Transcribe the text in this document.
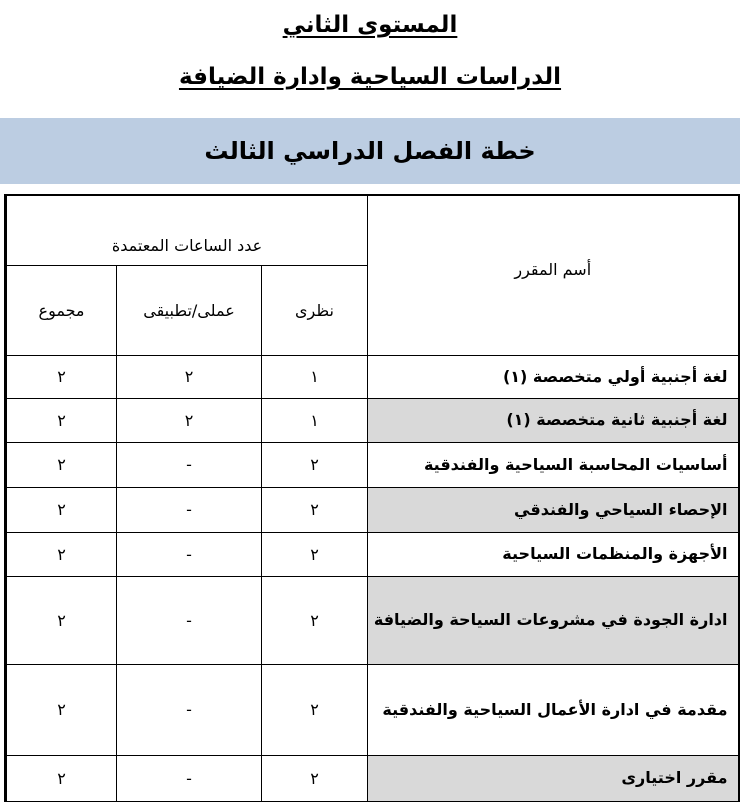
المستوى الثاني
الدراسات السياحية وادارة الضيافة
خطة الفصل الدراسي الثالث
عدد الساعات المعتمدة			أسم المقرر
مجموع	عملى/تطبيقى	نظرى	
٢	٢	١	لغة أجنبية أولي متخصصة (١)
٢	٢	١	لغة أجنبية ثانية متخصصة (١)
٢	-	٢	أساسيات المحاسبة السياحية والفندقية
٢	-	٢	الإحصاء السياحي والفندقي
٢	-	٢	الأجهزة والمنظمات السياحية
٢	-	٢	ادارة الجودة في مشروعات السياحة والضيافة
٢	-	٢	مقدمة في ادارة الأعمال السياحية والفندقية
٢	-	٢	مقرر اختيارى
